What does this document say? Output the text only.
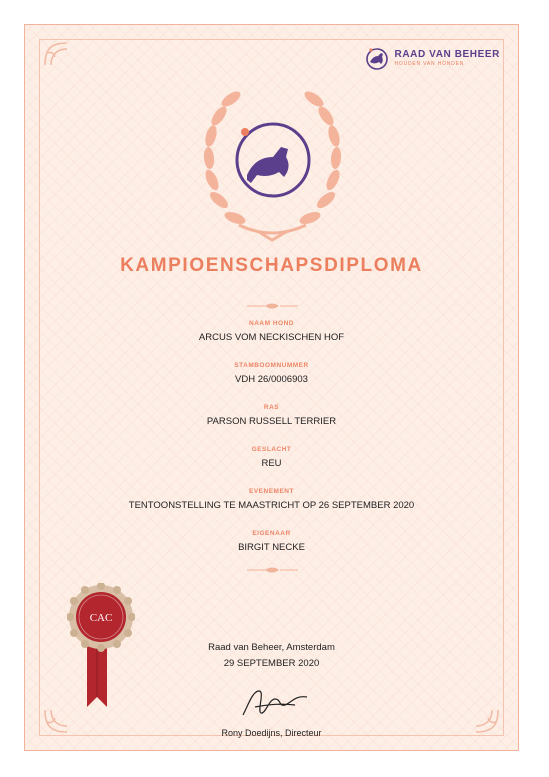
RAAD VAN BEHEER
HOUDEN VAN HONDEN
KAMPIOENSCHAPSDIPLOMA
NAAM HOND
ARCUS VOM NECKISCHEN HOF
STAMBOOMNUMMER
VDH 26/0006903
RAS
PARSON RUSSELL TERRIER
GESLACHT
REU
EVENEMENT
TENTOONSTELLING TE MAASTRICHT OP 26 SEPTEMBER 2020
EIGENAAR
BIRGIT NECKE
CAC
Raad van Beheer, Amsterdam
29 SEPTEMBER 2020
Rony Doedijns, Directeur
